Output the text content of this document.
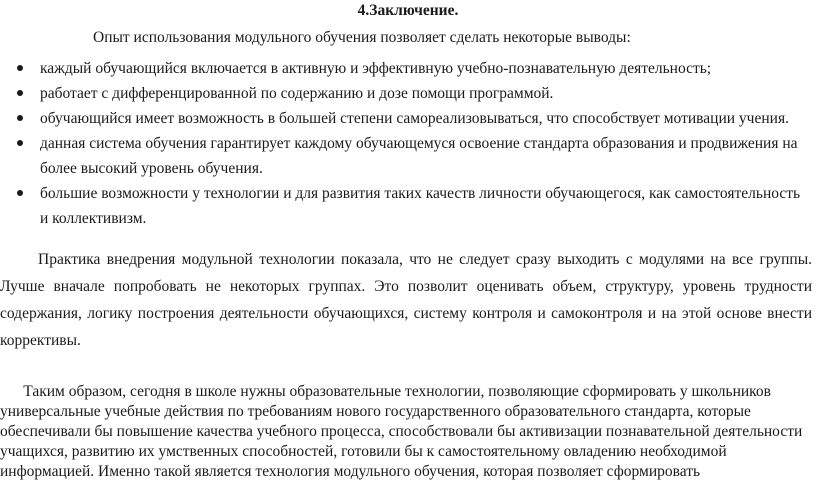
4.Заключение.
Опыт использования модульного обучения позволяет сделать некоторые выводы:
каждый обучающийся включается в активную и эффективную учебно-познавательную деятельность;
работает с дифференцированной по содержанию и дозе помощи программой.
обучающийся имеет возможность в большей степени самореализовываться, что способствует мотивации учения.
данная система обучения гарантирует каждому обучающемуся освоение стандарта образования и продвижения на
более высокий уровень обучения.
большие возможности у технологии и для развития таких качеств личности обучающегося, как самостоятельность
и коллективизм.
Практика внедрения модульной технологии показала, что не следует сразу выходить с модулями на все группы.
Лучше вначале попробовать не некоторых группах. Это позволит оценивать объем, структуру, уровень трудности
содержания, логику построения деятельности обучающихся, систему контроля и самоконтроля и на этой основе внести
коррективы.
Таким образом, сегодня в школе нужны образовательные технологии, позволяющие сформировать у школьников
универсальные учебные действия по требованиям нового государственного образовательного стандарта, которые
обеспечивали бы повышение качества учебного процесса, способствовали бы активизации познавательной деятельности
учащихся, развитию их умственных способностей, готовили бы к самостоятельному овладению необходимой
информацией. Именно такой является технология модульного обучения, которая позволяет сформировать
